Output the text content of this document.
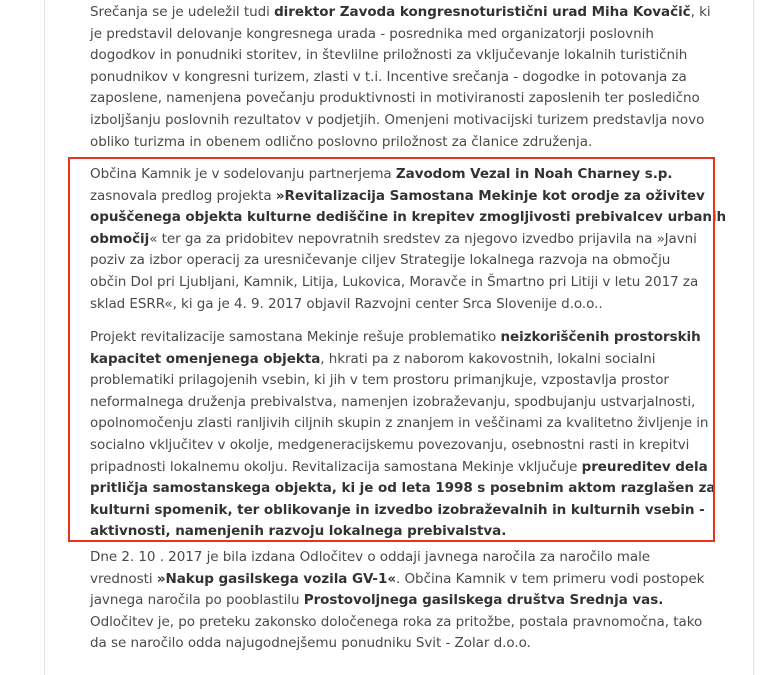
Srečanja se je udeležil tudi direktor Zavoda kongresnoturistični urad Miha Kovačič, ki
je predstavil delovanje kongresnega urada - posrednika med organizatorji poslovnih
dogodkov in ponudniki storitev, in števlilne priložnosti za vključevanje lokalnih turističnih
ponudnikov v kongresni turizem, zlasti v t.i. Incentive srečanja - dogodke in potovanja za
zaposlene, namenjena povečanju produktivnosti in motiviranosti zaposlenih ter posledično
izboljšanju poslovnih rezultatov v podjetjih. Omenjeni motivacijski turizem predstavlja novo
obliko turizma in obenem odlično poslovno priložnost za članice združenja.
Občina Kamnik je v sodelovanju partnerjema Zavodom Vezal in Noah Charney s.p.
zasnovala predlog projekta »Revitalizacija Samostana Mekinje kot orodje za oživitev
opuščenega objekta kulturne dediščine in krepitev zmogljivosti prebivalcev urbanih
območij« ter ga za pridobitev nepovratnih sredstev za njegovo izvedbo prijavila na »Javni
poziv za izbor operacij za uresničevanje ciljev Strategije lokalnega razvoja na območju
občin Dol pri Ljubljani, Kamnik, Litija, Lukovica, Moravče in Šmartno pri Litiji v letu 2017 za
sklad ESRR«, ki ga je 4. 9. 2017 objavil Razvojni center Srca Slovenije d.o.o..
Projekt revitalizacije samostana Mekinje rešuje problematiko neizkoriščenih prostorskih
kapacitet omenjenega objekta, hkrati pa z naborom kakovostnih, lokalni socialni
problematiki prilagojenih vsebin, ki jih v tem prostoru primanjkuje, vzpostavlja prostor
neformalnega druženja prebivalstva, namenjen izobraževanju, spodbujanju ustvarjalnosti,
opolnomočenju zlasti ranljivih ciljnih skupin z znanjem in veščinami za kvalitetno življenje in
socialno vključitev v okolje, medgeneracijskemu povezovanju, osebnostni rasti in krepitvi
pripadnosti lokalnemu okolju. Revitalizacija samostana Mekinje vključuje preureditev dela
pritličja samostanskega objekta, ki je od leta 1998 s posebnim aktom razglašen za
kulturni spomenik, ter oblikovanje in izvedbo izobraževalnih in kulturnih vsebin -
aktivnosti, namenjenih razvoju lokalnega prebivalstva.
Dne 2. 10 . 2017 je bila izdana Odločitev o oddaji javnega naročila za naročilo male
vrednosti »Nakup gasilskega vozila GV-1«. Občina Kamnik v tem primeru vodi postopek
javnega naročila po pooblastilu Prostovoljnega gasilskega društva Srednja vas.
Odločitev je, po preteku zakonsko določenega roka za pritožbe, postala pravnomočna, tako
da se naročilo odda najugodnejšemu ponudniku Svit - Zolar d.o.o.
